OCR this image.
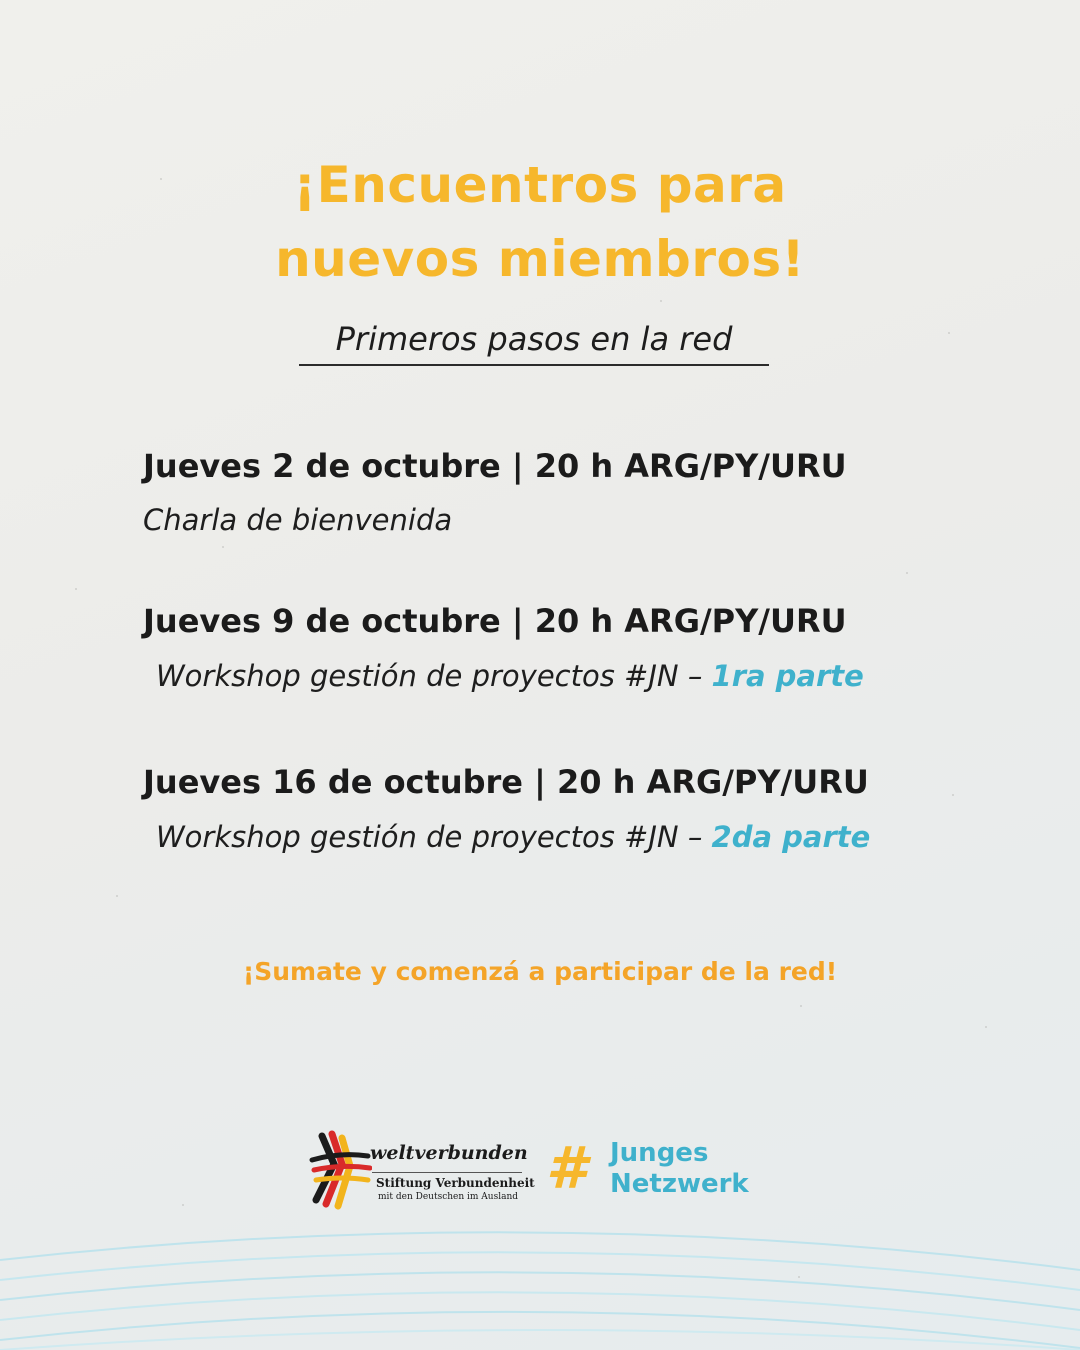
¡Encuentros para
nuevos miembros!
Primeros pasos en la red
Jueves 2 de octubre | 20 h ARG/PY/URU
Charla de bienvenida
Jueves 9 de octubre | 20 h ARG/PY/URU
Workshop gestión de proyectos #JN – 1ra parte
Jueves 16 de octubre | 20 h ARG/PY/URU
Workshop gestión de proyectos #JN – 2da parte
¡Sumate y comenzá a participar de la red!
weltverbunden
Stiftung Verbundenheit
mit den Deutschen im Ausland # Junges
Netzwerk
